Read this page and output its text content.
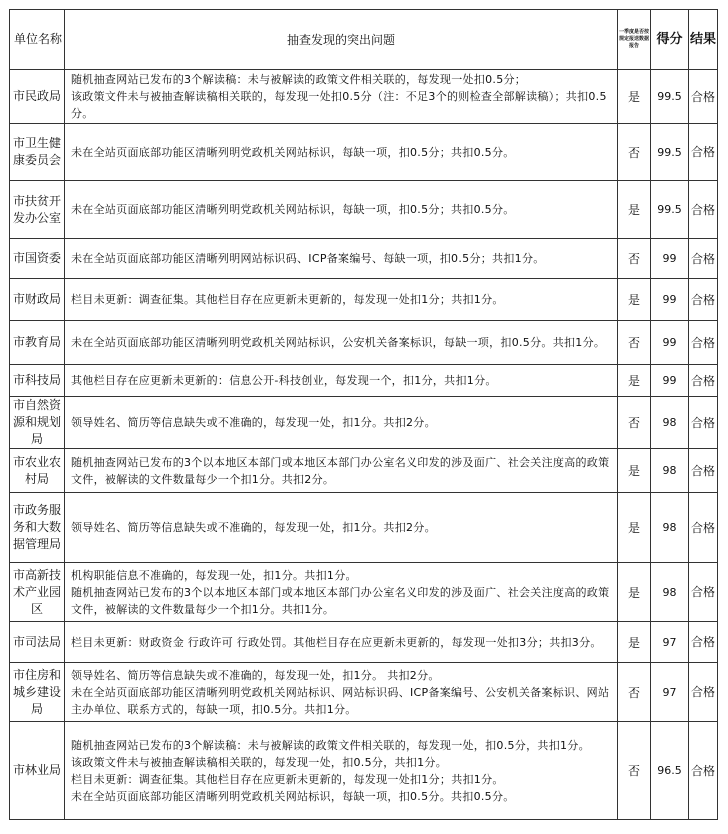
单位名称	抽查发现的突出问题	一季度是否按规定报送数据报告	得分	结果
市民政局	随机抽查网站已发布的3个解读稿：未与被解读的政策文件相关联的，每发现一处扣0.5分；
该政策文件未与被抽查解读稿相关联的，每发现一处扣0.5分（注：不足3个的则检查全部解读稿）；共扣0.5分。	是	99.5	合格
市卫生健康委员会	未在全站页面底部功能区清晰列明党政机关网站标识，每缺一项，扣0.5分；共扣0.5分。	否	99.5	合格
市扶贫开发办公室	未在全站页面底部功能区清晰列明党政机关网站标识，每缺一项，扣0.5分；共扣0.5分。	是	99.5	合格
市国资委	未在全站页面底部功能区清晰列明网站标识码、ICP备案编号、每缺一项，扣0.5分；共扣1分。	否	99	合格
市财政局	栏目未更新：调查征集。其他栏目存在应更新未更新的，每发现一处扣1分；共扣1分。	是	99	合格
市教育局	未在全站页面底部功能区清晰列明党政机关网站标识，公安机关备案标识，每缺一项，扣0.5分。共扣1分。	否	99	合格
市科技局	其他栏目存在应更新未更新的：信息公开-科技创业，每发现一个，扣1分，共扣1分。	是	99	合格
市自然资源和规划局	领导姓名、简历等信息缺失或不准确的，每发现一处，扣1分。共扣2分。	否	98	合格
市农业农村局	随机抽查网站已发布的3个以本地区本部门或本地区本部门办公室名义印发的涉及面广、社会关注度高的政策文件，被解读的文件数量每少一个扣1分。共扣2分。	是	98	合格
市政务服务和大数据管理局	领导姓名、简历等信息缺失或不准确的，每发现一处，扣1分。共扣2分。	是	98	合格
市高新技术产业园区	机构职能信息不准确的，每发现一处，扣1分。共扣1分。
随机抽查网站已发布的3个以本地区本部门或本地区本部门办公室名义印发的涉及面广、社会关注度高的政策文件，被解读的文件数量每少一个扣1分。共扣1分。	是	98	合格
市司法局	栏目未更新：财政资金 行政许可 行政处罚。其他栏目存在应更新未更新的，每发现一处扣3分；共扣3分。	是	97	合格
市住房和城乡建设局	领导姓名、简历等信息缺失或不准确的，每发现一处，扣1分。 共扣2分。
未在全站页面底部功能区清晰列明党政机关网站标识、网站标识码、ICP备案编号、公安机关备案标识、网站主办单位、联系方式的，每缺一项，扣0.5分。共扣1分。	否	97	合格
市林业局	随机抽查网站已发布的3个解读稿：未与被解读的政策文件相关联的，每发现一处，扣0.5分，共扣1分。
该政策文件未与被抽查解读稿相关联的，每发现一处，扣0.5分，共扣1分。
栏目未更新：调查征集。其他栏目存在应更新未更新的，每发现一处扣1分；共扣1分。
未在全站页面底部功能区清晰列明党政机关网站标识，每缺一项，扣0.5分。共扣0.5分。	否	96.5	合格
